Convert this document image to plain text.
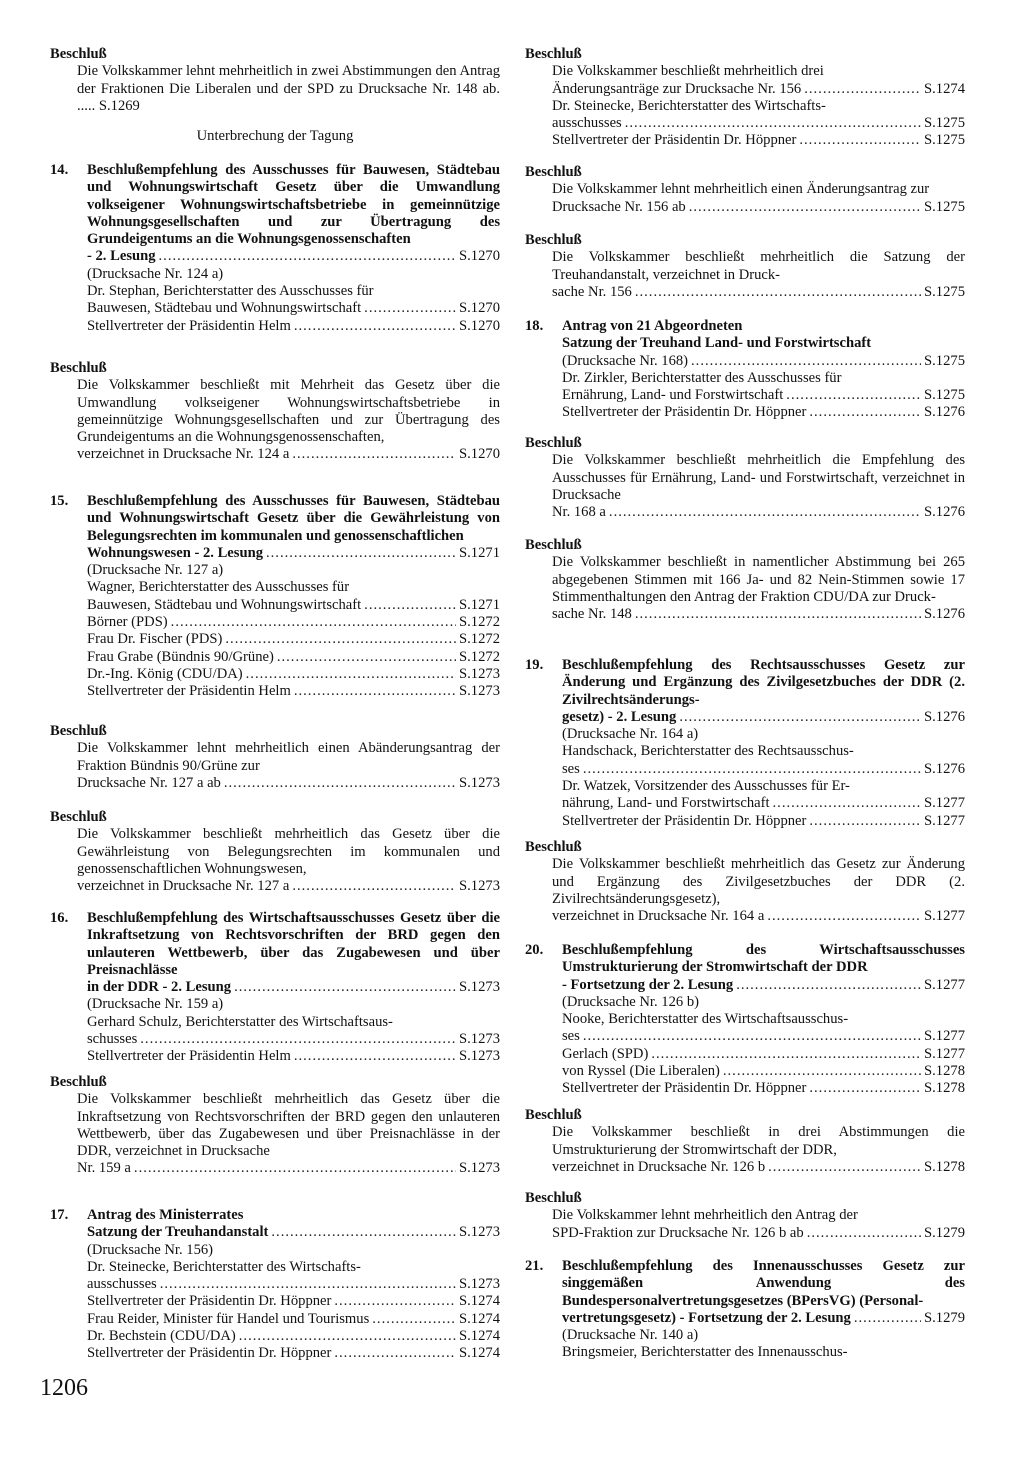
Beschluß
Die Volkskammer lehnt mehrheitlich in zwei Abstimmungen den Antrag der Fraktionen Die Liberalen und der SPD zu Drucksache Nr. 148 ab. ..... S.1269
Unterbrechung der Tagung
14. Beschlußempfehlung des Ausschusses für Bauwesen, Städtebau und Wohnungswirtschaft Gesetz über die Umwandlung volkseigener Wohnungswirtschaftsbetriebe in gemeinnützige Wohnungsgesellschaften und zur Übertragung des Grundeigentums an die Wohnungsgenossenschaften
- 2. Lesung .....	S.1270
(Drucksache Nr. 124 a)
Dr. Stephan, Berichterstatter des Ausschusses für
Bauwesen, Städtebau und Wohnungswirtschaft .....	S.1270
Stellvertreter der Präsidentin Helm .....	S.1270
Beschluß
Die Volkskammer beschließt mit Mehrheit das Gesetz über die Umwandlung volkseigener Wohnungswirtschaftsbetriebe in gemeinnützige Wohnungsgesellschaften und zur Übertragung des Grundeigentums an die Wohnungsgenossenschaften,
verzeichnet in Drucksache Nr. 124 a .....	S.1270
15. Beschlußempfehlung des Ausschusses für Bauwesen, Städtebau und Wohnungswirtschaft Gesetz über die Gewährleistung von Belegungsrechten im kommunalen und genossenschaftlichen
Wohnungswesen - 2. Lesung .....	S.1271
(Drucksache Nr. 127 a)
Wagner, Berichterstatter des Ausschusses für
Bauwesen, Städtebau und Wohnungswirtschaft .....	S.1271
Börner (PDS) .....	S.1272
Frau Dr. Fischer (PDS) .....	S.1272
Frau Grabe (Bündnis 90/Grüne) .....	S.1272
Dr.-Ing. König (CDU/DA) .....	S.1273
Stellvertreter der Präsidentin Helm .....	S.1273
Beschluß
Die Volkskammer lehnt mehrheitlich einen Abänderungsantrag der Fraktion Bündnis 90/Grüne zur
Drucksache Nr. 127 a ab .....	S.1273
Beschluß
Die Volkskammer beschließt mehrheitlich das Gesetz über die Gewährleistung von Belegungsrechten im kommunalen und genossenschaftlichen Wohnungswesen,
verzeichnet in Drucksache Nr. 127 a .....	S.1273
16. Beschlußempfehlung des Wirtschaftsausschusses Gesetz über die Inkraftsetzung von Rechtsvorschriften der BRD gegen den unlauteren Wettbewerb, über das Zugabewesen und über Preisnachlässe
in der DDR - 2. Lesung .....	S.1273
(Drucksache Nr. 159 a)
Gerhard Schulz, Berichterstatter des Wirtschaftsaus-
schusses .....	S.1273
Stellvertreter der Präsidentin Helm .....	S.1273
Beschluß
Die Volkskammer beschließt mehrheitlich das Gesetz über die Inkraftsetzung von Rechtsvorschriften der BRD gegen den unlauteren Wettbewerb, über das Zugabewesen und über Preisnachlässe in der DDR, verzeichnet in Drucksache
Nr. 159 a .....	S.1273
17. Antrag des Ministerrates
Satzung der Treuhandanstalt .....	S.1273
(Drucksache Nr. 156)
Dr. Steinecke, Berichterstatter des Wirtschafts-
ausschusses .....	S.1273
Stellvertreter der Präsidentin Dr. Höppner .....	S.1274
Frau Reider, Minister für Handel und Tourismus .....	S.1274
Dr. Bechstein (CDU/DA) .....	S.1274
Stellvertreter der Präsidentin Dr. Höppner .....	S.1274
Beschluß
Die Volkskammer beschließt mehrheitlich drei
Änderungsanträge zur Drucksache Nr. 156 .....	S.1274
Dr. Steinecke, Berichterstatter des Wirtschafts-
ausschusses .....	S.1275
Stellvertreter der Präsidentin Dr. Höppner .....	S.1275
Beschluß
Die Volkskammer lehnt mehrheitlich einen Änderungsantrag zur
Drucksache Nr. 156 ab .....	S.1275
Beschluß
Die Volkskammer beschließt mehrheitlich die Satzung der Treuhandanstalt, verzeichnet in Druck-
sache Nr. 156 .....	S.1275
18. Antrag von 21 Abgeordneten
Satzung der Treuhand Land- und Forstwirtschaft
(Drucksache Nr. 168) .....	S.1275
Dr. Zirkler, Berichterstatter des Ausschusses für
Ernährung, Land- und Forstwirtschaft .....	S.1275
Stellvertreter der Präsidentin Dr. Höppner .....	S.1276
Beschluß
Die Volkskammer beschließt mehrheitlich die Empfehlung des Ausschusses für Ernährung, Land- und Forstwirtschaft, verzeichnet in Drucksache
Nr. 168 a .....	S.1276
Beschluß
Die Volkskammer beschließt in namentlicher Abstimmung bei 265 abgegebenen Stimmen mit 166 Ja- und 82 Nein-Stimmen sowie 17 Stimmenthaltungen den Antrag der Fraktion CDU/DA zur Druck-
sache Nr. 148 .....	S.1276
19. Beschlußempfehlung des Rechtsausschusses Gesetz zur Änderung und Ergänzung des Zivilgesetzbuches der DDR (2. Zivilrechtsänderungs-
gesetz) - 2. Lesung .....	S.1276
(Drucksache Nr. 164 a)
Handschack, Berichterstatter des Rechtsausschus-
ses .....	S.1276
Dr. Watzek, Vorsitzender des Ausschusses für Er-
nährung, Land- und Forstwirtschaft .....	S.1277
Stellvertreter der Präsidentin Dr. Höppner .....	S.1277
Beschluß
Die Volkskammer beschließt mehrheitlich das Gesetz zur Änderung und Ergänzung des Zivilgesetzbuches der DDR (2. Zivilrechtsänderungsgesetz),
verzeichnet in Drucksache Nr. 164 a .....	S.1277
20. Beschlußempfehlung des Wirtschaftsausschusses Umstrukturierung der Stromwirtschaft der DDR
- Fortsetzung der 2. Lesung .....	S.1277
(Drucksache Nr. 126 b)
Nooke, Berichterstatter des Wirtschaftsausschus-
ses .....	S.1277
Gerlach (SPD) .....	S.1277
von Ryssel (Die Liberalen) .....	S.1278
Stellvertreter der Präsidentin Dr. Höppner .....	S.1278
Beschluß
Die Volkskammer beschließt in drei Abstimmungen die Umstrukturierung der Stromwirtschaft der DDR,
verzeichnet in Drucksache Nr. 126 b .....	S.1278
Beschluß
Die Volkskammer lehnt mehrheitlich den Antrag der
SPD-Fraktion zur Drucksache Nr. 126 b ab .....	S.1279
21. Beschlußempfehlung des Innenausschusses Gesetz zur singgemäßen Anwendung des Bundespersonalvertretungsgesetzes (BPersVG) (Personal-
vertretungsgesetz) - Fortsetzung der 2. Lesung .....	S.1279
(Drucksache Nr. 140 a)
Bringsmeier, Berichterstatter des Innenausschus-
1206
